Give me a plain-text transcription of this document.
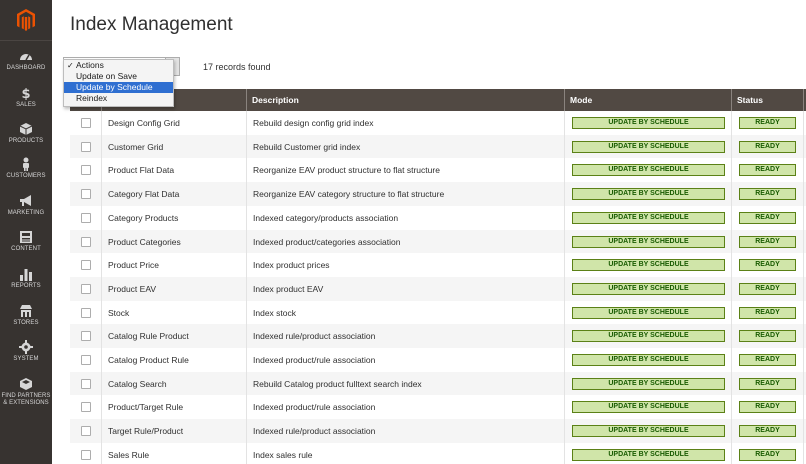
DASHBOARD
$
SALES
PRODUCTS
CUSTOMERS
MARKETING
CONTENT
REPORTS
STORES
SYSTEM
FIND PARTNERS
& EXTENSIONS
Index Management
17 records found
✓ Actions
Update on Save
Update by Schedule
Reindex	Description	Mode	Status
Design Config Grid	Rebuild design config grid index	UPDATE BY SCHEDULE	READY
Customer Grid	Rebuild Customer grid index	UPDATE BY SCHEDULE	READY
Product Flat Data	Reorganize EAV product structure to flat structure	UPDATE BY SCHEDULE	READY
Category Flat Data	Reorganize EAV category structure to flat structure	UPDATE BY SCHEDULE	READY
Category Products	Indexed category/products association	UPDATE BY SCHEDULE	READY
Product Categories	Indexed product/categories association	UPDATE BY SCHEDULE	READY
Product Price	Index product prices	UPDATE BY SCHEDULE	READY
Product EAV	Index product EAV	UPDATE BY SCHEDULE	READY
Stock	Index stock	UPDATE BY SCHEDULE	READY
Catalog Rule Product	Indexed rule/product association	UPDATE BY SCHEDULE	READY
Catalog Product Rule	Indexed product/rule association	UPDATE BY SCHEDULE	READY
Catalog Search	Rebuild Catalog product fulltext search index	UPDATE BY SCHEDULE	READY
Product/Target Rule	Indexed product/rule association	UPDATE BY SCHEDULE	READY
Target Rule/Product	Indexed rule/product association	UPDATE BY SCHEDULE	READY
Sales Rule	Index sales rule	UPDATE BY SCHEDULE	READY
